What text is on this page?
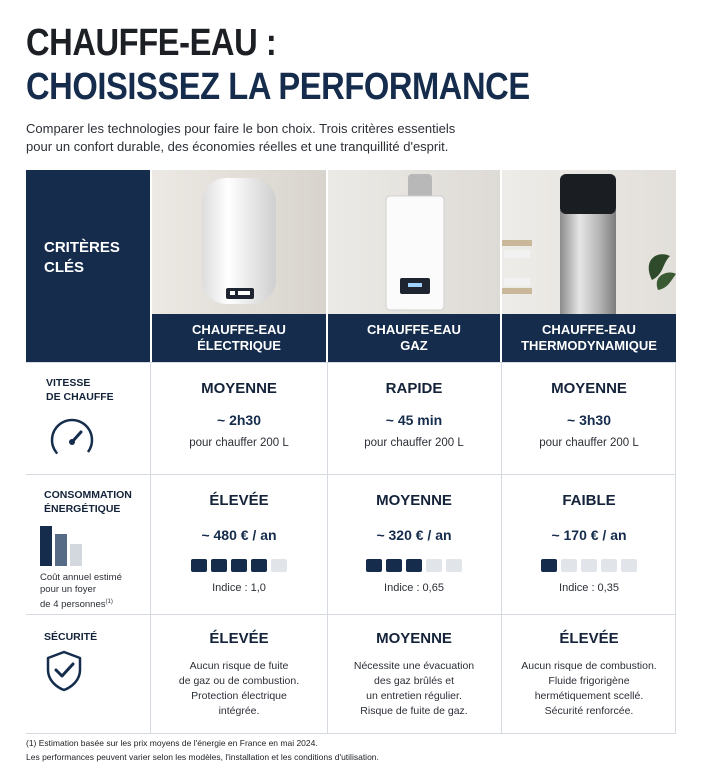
CHAUFFE-EAU :
CHOISISSEZ LA PERFORMANCE
Comparer les technologies pour faire le bon choix. Trois critères essentiels
pour un confort durable, des économies réelles et une tranquillité d'esprit.
CRITÈRES
CLÉS
CHAUFFE-EAU
ÉLECTRIQUE
CHAUFFE-EAU
GAZ
CHAUFFE-EAU
THERMODYNAMIQUE
VITESSE
DE CHAUFFE	MOYENNE
~ 2h30
pour chauffer 200 L
RAPIDE
~ 45 min
pour chauffer 200 L
MOYENNE
~ 3h30
pour chauffer 200 L
CONSOMMATION
ÉNERGÉTIQUE
Coût annuel estimé
pour un foyer
de 4 personnes$^{(1)}$
ÉLEVÉE
~ 480 € / an
Indice : 1,0
MOYENNE
~ 320 € / an
Indice : 0,65
FAIBLE
~ 170 € / an
Indice : 0,35
SÉCURITÉ	ÉLEVÉE
Aucun risque de fuite
de gaz ou de combustion.
Protection électrique
intégrée.
MOYENNE
Nécessite une évacuation
des gaz brûlés et
un entretien régulier.
Risque de fuite de gaz.
ÉLEVÉE
Aucun risque de combustion.
Fluide frigorigène
hermétiquement scellé.
Sécurité renforcée.
(1) Estimation basée sur les prix moyens de l'énergie en France en mai 2024.
Les performances peuvent varier selon les modèles, l'installation et les conditions d'utilisation.
